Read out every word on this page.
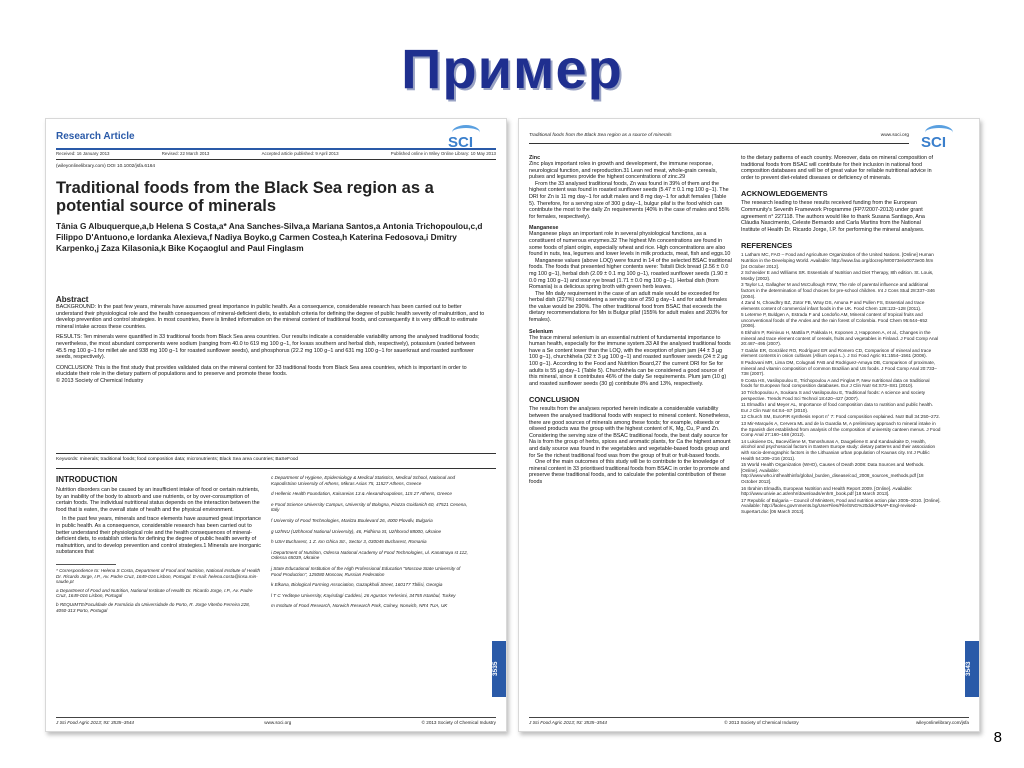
Пример
Research Article	SCI
Received: 16 January 2013	Revised: 22 March 2013	Accepted article published: 9 April 2013	Published online in Wiley Online Library: 10 May 2013
(wileyonlinelibrary.com) DOI 10.1002/jsfa.6164
Traditional foods from the Black Sea region as a potential source of minerals
Tânia G Albuquerque,a,b Helena S Costa,a* Ana Sanches-Silva,a Mariana Santos,a Antonia Trichopoulou,c,d Filippo D'Antuono,e Iordanka Alexieva,f Nadiya Boyko,g Carmen Costea,h Katerina Fedosova,i Dmitry Karpenko,j Zaza Kilasonia,k Bike Koçaoglul and Paul Finglasm
Abstract

BACKGROUND: In the past few years, minerals have assumed great importance in public health. As a consequence, considerable research has been carried out to better understand their physiological role and the health consequences of mineral-deficient diets, to establish criteria for defining the degree of public health severity of malnutrition, and to develop prevention and control strategies. In most countries, there is limited information on the mineral content of traditional foods, and consequently it is very difficult to estimate mineral intake across these countries.

RESULTS: Ten minerals were quantified in 33 traditional foods from Black Sea area countries. Our results indicate a considerable variability among the analysed traditional foods; nevertheless, the most abundant components were sodium (ranging from 40.0 to 619 mg 100 g−1, for kvass southern and herbal dish, respectively), potassium (varied between 45.5 mg 100 g−1 for millet ale and 938 mg 100 g−1 for roasted sunflower seeds), and phosphorus (22.2 mg 100 g−1 and 631 mg 100 g−1 for sauerkraut and roasted sunflower seeds, respectively).

CONCLUSION: This is the first study that provides validated data on the mineral content for 33 traditional foods from Black Sea area countries, which is important in order to elucidate their role in the dietary pattern of populations and to preserve and promote these foods.

© 2013 Society of Chemical Industry

Keywords: minerals; traditional foods; food composition data; micronutrients; Black Sea area countries; BaSeFood
INTRODUCTION

Nutrition disorders can be caused by an insufficient intake of food or certain nutrients, by an inability of the body to absorb and use nutrients, or by over-consumption of certain foods. The individual nutritional status depends on the interaction between the food that is eaten, the overall state of health and the physical environment.

In the past few years, minerals and trace elements have assumed great importance in public health. As a consequence, considerable research has been carried out to better understand their physiological role and the health consequences of mineral-deficient diets, to establish criteria for defining the degree of public health severity of malnutrition, and to develop prevention and control strategies.1 Minerals are inorganic substances that

* Correspondence to: Helena S Costa, Department of Food and Nutrition, National Institute of Health Dr. Ricardo Jorge, I.P., Av. Padre Cruz, 1649-016 Lisbon, Portugal. E-mail: helena.costa@insa.min-saude.pt

a Department of Food and Nutrition, National Institute of Health Dr. Ricardo Jorge, I.P., Av. Padre Cruz, 1649-016 Lisbon, Portugal

b REQUIMTE/Faculdade de Farmácia da Universidade do Porto, R. Jorge Viterbo Ferreira 228, 4050-313 Porto, Portugal

c Department of Hygiene, Epidemiology & Medical Statistics, Medical School, National and Kapodistrian University of Athens, Mikras Asias 75, 11527 Athens, Greece

d Hellenic Health Foundation, Kaisareias 13 & Alexandroupoleos, 115 27 Athens, Greece

e Food Science University Campus, University of Bologna, Piazza Goidanich 60, 47521 Cesena, Italy

f University of Food Technologies, Maritza Boulevard 26, 4000 Plovdiv, Bulgaria

g UzhNU (Uzhhorod National University), 46, Pidhirna St, Uzhhorod 88000, Ukraine

h USH Bucharest, 1 Z. Ion Ghica Str., Sector 3, 030045 Bucharest, Romania

i Department of Nutrition, Odessa National Academy of Food Technologies, ul. Kanatnaya st 112, Odessa 65039, Ukraine

j State Educational Institution of the High Professional Education "Moscow State University of Food Production", 125080 Moscow, Russian Federation

k Elkana, Biological Farming Association, Gazapkhuli Street, 160177 Tbilisi, Georgia

l T C Yeditepe University, Kayisdagi Caddesi, 26 Agustos Yerlesimi, 34755 Istanbul, Turkey

m Institute of Food Research, Norwich Research Park, Colney, Norwich, NR4 7UA, UK

3535
J Sci Food Agric 2013; 93: 3535–3544	www.soci.org	© 2013 Society of Chemical Industry
Traditional foods from the Black Sea region as a source of minerals	www.soci.org SCI
Zinc

Zinc plays important roles in growth and development, the immune response, neurological function, and reproduction.31 Lean red meat, whole-grain cereals, pulses and legumes provide the highest concentrations of zinc.29

From the 33 analysed traditional foods, Zn was found in 39% of them and the highest content was found in roasted sunflower seeds (5.47 ± 0.1 mg 100 g−1). The DRI for Zn is 11 mg day−1 for adult males and 8 mg day−1 for adult females (Table 5). Therefore, for a serving size of 300 g day−1, bulgur pilaf is the food which can contribute the most to the daily Zn requirements (40% in the case of males and 55% for females, respectively).

Manganese

Manganese plays an important role in several physiological functions, as a constituent of numerous enzymes.32 The highest Mn concentrations are found in some foods of plant origin, especially wheat and rice. High concentrations are also found in nuts, tea, legumes and lower levels in milk products, meat, fish and eggs.10

Manganese values (above LOQ) were found in 14 of the selected BSAC traditional foods. The foods that presented higher contents were: Tsitsili Dick bread (2.56 ± 0.0 mg 100 g−1), herbal dish (2.09 ± 0.1 mg 100 g−1), roasted sunflower seeds (1.90 ± 0.0 mg 100 g−1) and sour rye bread (1.71 ± 0.0 mg 100 g−1). Herbal dish (from Romania) is a delicious spring broth with green herb leaves.

The Mn daily requirement in the case of an adult male would be exceeded for herbal dish (227%) considering a serving size of 250 g day−1 and for adult females the value would be 290%. The other traditional food from BSAC that exceeds the dietary recommendations for Mn is Bulgur pilaf (155% for adult males and 203% for females).

Selenium

The trace mineral selenium is an essential nutrient of fundamental importance to human health, especially for the immune system.33 All the analysed traditional foods have a Se content lower than the LOQ, with the exception of plum jam (44 ± 3 µg 100 g−1), churchkhela (32 ± 3 µg 100 g−1) and roasted sunflower seeds (24 ± 2 µg 100 g−1). According to the Food and Nutrition Board,27 the current DRI for Se for adults is 55 µg day−1 (Table 5). Churchkhela can be considered a good source of this mineral, since it contributes 46% of the daily Se requirements. Plum jam (10 g) and roasted sunflower seeds (30 g) contribute 8% and 13%, respectively.

CONCLUSION

The results from the analyses reported herein indicate a considerable variability between the analysed traditional foods with respect to mineral content. Nonetheless, there are good sources of minerals among these foods; for example, oilseeds or oilseed products was the group with the highest content of K, Mg, Cu, P and Zn. Considering the serving size of the BSAC traditional foods, the best daily source for Na is from the group of herbs, spices and aromatic plants, for Ca the highest amount and daily source was found in the vegetables and vegetable-based foods group and for Se the richest traditional food was from the group of fruit or fruit-based foods.

One of the main outcomes of this study will be to contribute to the knowledge of mineral content in 33 prioritised traditional foods from BSAC in order to promote and preserve these traditional foods, and to calculate the potential contribution of these foods

to the dietary patterns of each country. Moreover, data on mineral composition of traditional foods from BSAC will contribute for their inclusion in national food composition databases and will be of great value for reliable nutritional advice in order to prevent diet-related diseases or deficiency of minerals.

ACKNOWLEDGEMENTS

The research leading to these results received funding from the European Community's Seventh Framework Programme (FP7/2007-2013) under grant agreement n° 227118. The authors would like to thank Susana Santiago, Ana Cláudia Nascimento, Celeste Bernardo and Carla Martins from the National Institute of Health Dr. Ricardo Jorge, I.P. for performing the mineral analyses.

REFERENCES

1 Latham MC, FAO – Food and Agriculture Organization of the United Nations. [Online] Human Nutrition in the Developing World. Available: http://www.fao.org/docrep/W0073e/w0073e00.htm [24 October 2012].

2 Schneider E and Williams SR. Essentials of Nutrition and Diet Therapy, 8th edition. St. Louis, Mosby (2002).

3 Taylor LJ, Gallagher M and McCullough FSW, The role of parental influence and additional factors in the determination of food choices for pre-school children. Int J Cons Stud 28:337–346 (2004).

4 Zand N, Chowdhry BZ, Zotor FB, Wray DS, Amuna P and Pullen FS, Essential and trace elements content of commercial infant foods in the UK. Food Chem 128:123–128 (2011).

5 Leterme P, Buldgen A, Estrada F and Londoño AM, Mineral content of tropical fruits and unconventional foods of the Andes and the rain forest of Colombia. Food Chem 95:644–652 (2006).

6 Ekholm P, Reinivuo H, Mattila P, Pakkala H, Koponen J, Happonen A, et al., Changes in the mineral and trace element content of cereals, fruits and vegetables in Finland. J Food Comp Anal 20:487–495 (2007).

7 Gaitán ER, González RO, Rodríguez ER and Romero CD, Comparison of mineral and trace element contents in onion cultivars (Allium cepa L.). J Sci Food Agric 91:1554–1561 (2008).

8 Padovani MR, Lima DM, Colugnati FAB and Rodriguez-Amaya DB, Comparison of proximate, mineral and vitamin composition of common Brazilian and US foods. J Food Comp Anal 20:733–738 (2007).

9 Costa HS, Vasilopoulou E, Trichopoulou A and Finglas P, New nutritional data on traditional foods for European food composition databases. Eur J Clin Nutr 64:S73–S81 (2010).

10 Trichopoulou A, Soukara S and Vasilopoulou E, Traditional foods: A science and society perspective. Trends Food Sci Technol 18:420–427 (2007).

11 Elmadfa I and Meyer AL, Importance of food composition data to nutrition and public health. Eur J Clin Nutr 64:S4–S7 (2010).

12 Church SM, EuroFIR synthesis report n° 7: Food composition explained. Nutr Bull 34:250–272.

13 Mir-Marqués A, Cervera ML and de la Guardia M, A preliminary approach to mineral intake in the Spanish diet established from analysis of the composition of university canteen menus. J Food Comp Anal 27:160–168 (2012).

14 Lukoiene DL, Bacevičiene M, Tamoshunas A, Daugeliene E and Kandaukaite D, Health, alcohol and psychosocial factors in Eastern Europe study: dietary patterns and their association with socio-demographic factors in the Lithuanian urban population of Kaunas city. Int J Public Health 54:209–216 (2011).

15 World Health Organization (WHO), Causes of Death 2008: Data Sources and Methods. [Online]. Available: http://www.who.int/healthinfo/global_burden_disease/cod_2008_sources_methods.pdf [18 October 2012].

16 Ibrahim Elmadfa, European Nutrition and Health Report 2009. [Online]. Available: http://www.univie.ac.at/enhr/downloads/enhrII_book.pdf [18 March 2013].

17 Republic of Bulgaria – Council of Ministers, Food and nutrition action plan 2005–2010. [Online]. Available: http://faolex.govrnments.bg/UserFiles/File/SNG%20dok/FNAP-Engl-revised-Supertart.doc [06 March 2013].

3543
J Sci Food Agric 2013; 93: 3535–3544	© 2013 Society of Chemical Industry	wileyonlinelibrary.com/jsfa
8
